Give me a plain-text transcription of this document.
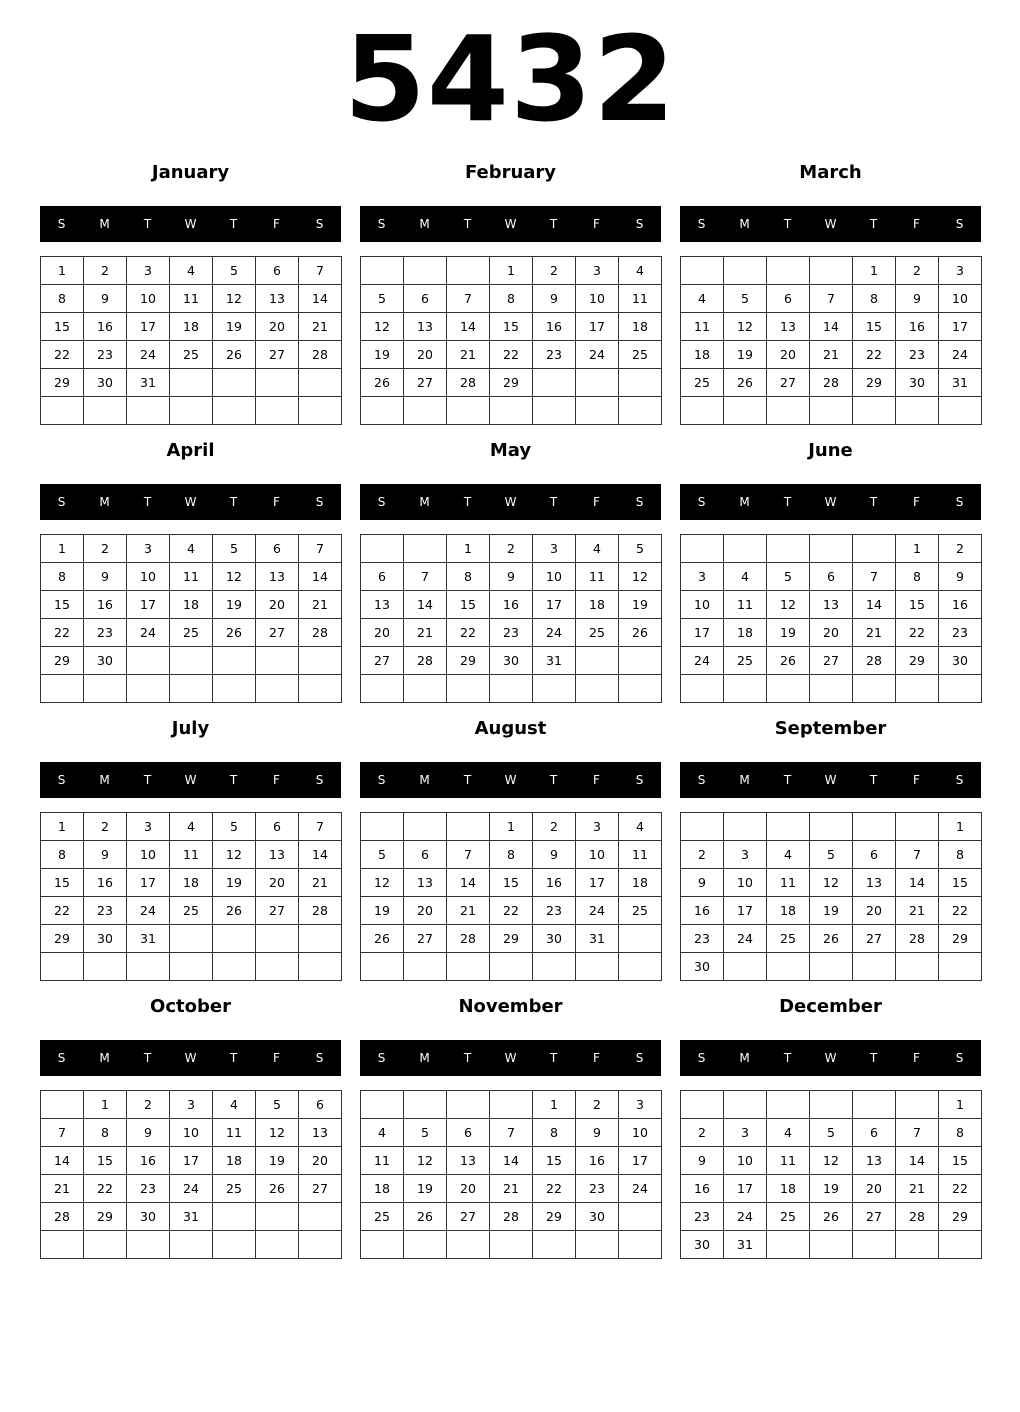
5432
January
S	M	T	W	T	F	S
1	2	3	4	5	6	7
8	9	10	11	12	13	14
15	16	17	18	19	20	21
22	23	24	25	26	27	28
29	30	31				

February
S	M	T	W	T	F	S
			1	2	3	4
5	6	7	8	9	10	11
12	13	14	15	16	17	18
19	20	21	22	23	24	25
26	27	28	29			

March
S	M	T	W	T	F	S
				1	2	3
4	5	6	7	8	9	10
11	12	13	14	15	16	17
18	19	20	21	22	23	24
25	26	27	28	29	30	31

April
S	M	T	W	T	F	S
1	2	3	4	5	6	7
8	9	10	11	12	13	14
15	16	17	18	19	20	21
22	23	24	25	26	27	28
29	30					

May
S	M	T	W	T	F	S
		1	2	3	4	5
6	7	8	9	10	11	12
13	14	15	16	17	18	19
20	21	22	23	24	25	26
27	28	29	30	31		

June
S	M	T	W	T	F	S
					1	2
3	4	5	6	7	8	9
10	11	12	13	14	15	16
17	18	19	20	21	22	23
24	25	26	27	28	29	30

July
S	M	T	W	T	F	S
1	2	3	4	5	6	7
8	9	10	11	12	13	14
15	16	17	18	19	20	21
22	23	24	25	26	27	28
29	30	31				

August
S	M	T	W	T	F	S
			1	2	3	4
5	6	7	8	9	10	11
12	13	14	15	16	17	18
19	20	21	22	23	24	25
26	27	28	29	30	31	

September
S	M	T	W	T	F	S
						1
2	3	4	5	6	7	8
9	10	11	12	13	14	15
16	17	18	19	20	21	22
23	24	25	26	27	28	29
30						
October
S	M	T	W	T	F	S
	1	2	3	4	5	6
7	8	9	10	11	12	13
14	15	16	17	18	19	20
21	22	23	24	25	26	27
28	29	30	31			

November
S	M	T	W	T	F	S
				1	2	3
4	5	6	7	8	9	10
11	12	13	14	15	16	17
18	19	20	21	22	23	24
25	26	27	28	29	30	

December
S	M	T	W	T	F	S
						1
2	3	4	5	6	7	8
9	10	11	12	13	14	15
16	17	18	19	20	21	22
23	24	25	26	27	28	29
30	31					
